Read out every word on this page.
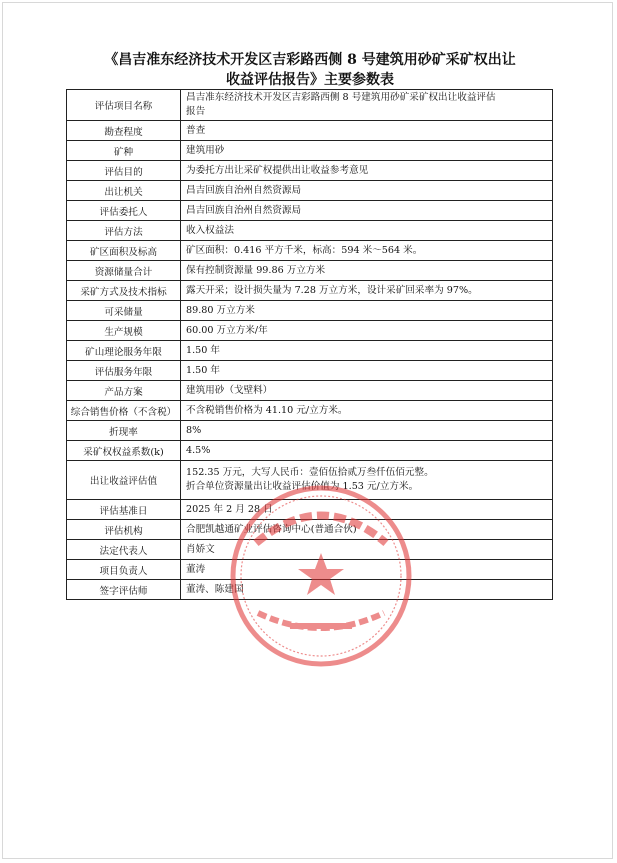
《昌吉准东经济技术开发区吉彩路西侧 8 号建筑用砂矿采矿权出让
收益评估报告》主要参数表
评估项目名称	昌吉准东经济技术开发区吉彩路西侧 8 号建筑用砂矿采矿权出让收益评估
报告

勘查程度	普查

矿种	建筑用砂

评估目的	为委托方出让采矿权提供出让收益参考意见

出让机关	昌吉回族自治州自然资源局

评估委托人	昌吉回族自治州自然资源局

评估方法	收入权益法

矿区面积及标高	矿区面积：0.416 平方千米，标高：594 米～564 米。

资源储量合计	保有控制资源量 99.86 万立方米

采矿方式及技术指标	露天开采；设计损失量为 7.28 万立方米，设计采矿回采率为 97%。

可采储量	89.80 万立方米

生产规模	60.00 万立方米/年

矿山理论服务年限	1.50 年

评估服务年限	1.50 年

产品方案	建筑用砂（戈壁料）

综合销售价格（不含税）	不含税销售价格为 41.10 元/立方米。

折现率	8%

采矿权权益系数(k)	4.5%

出让收益评估值	152.35 万元，大写人民币：壹佰伍拾贰万叁仟伍佰元整。
折合单位资源量出让收益评估价值为 1.53 元/立方米。

评估基准日	2025 年 2 月 28 日

评估机构	合肥凯越通矿业评估咨询中心(普通合伙)

法定代表人	肖娇文

项目负责人	董涛

签字评估师	董涛、陈建国
